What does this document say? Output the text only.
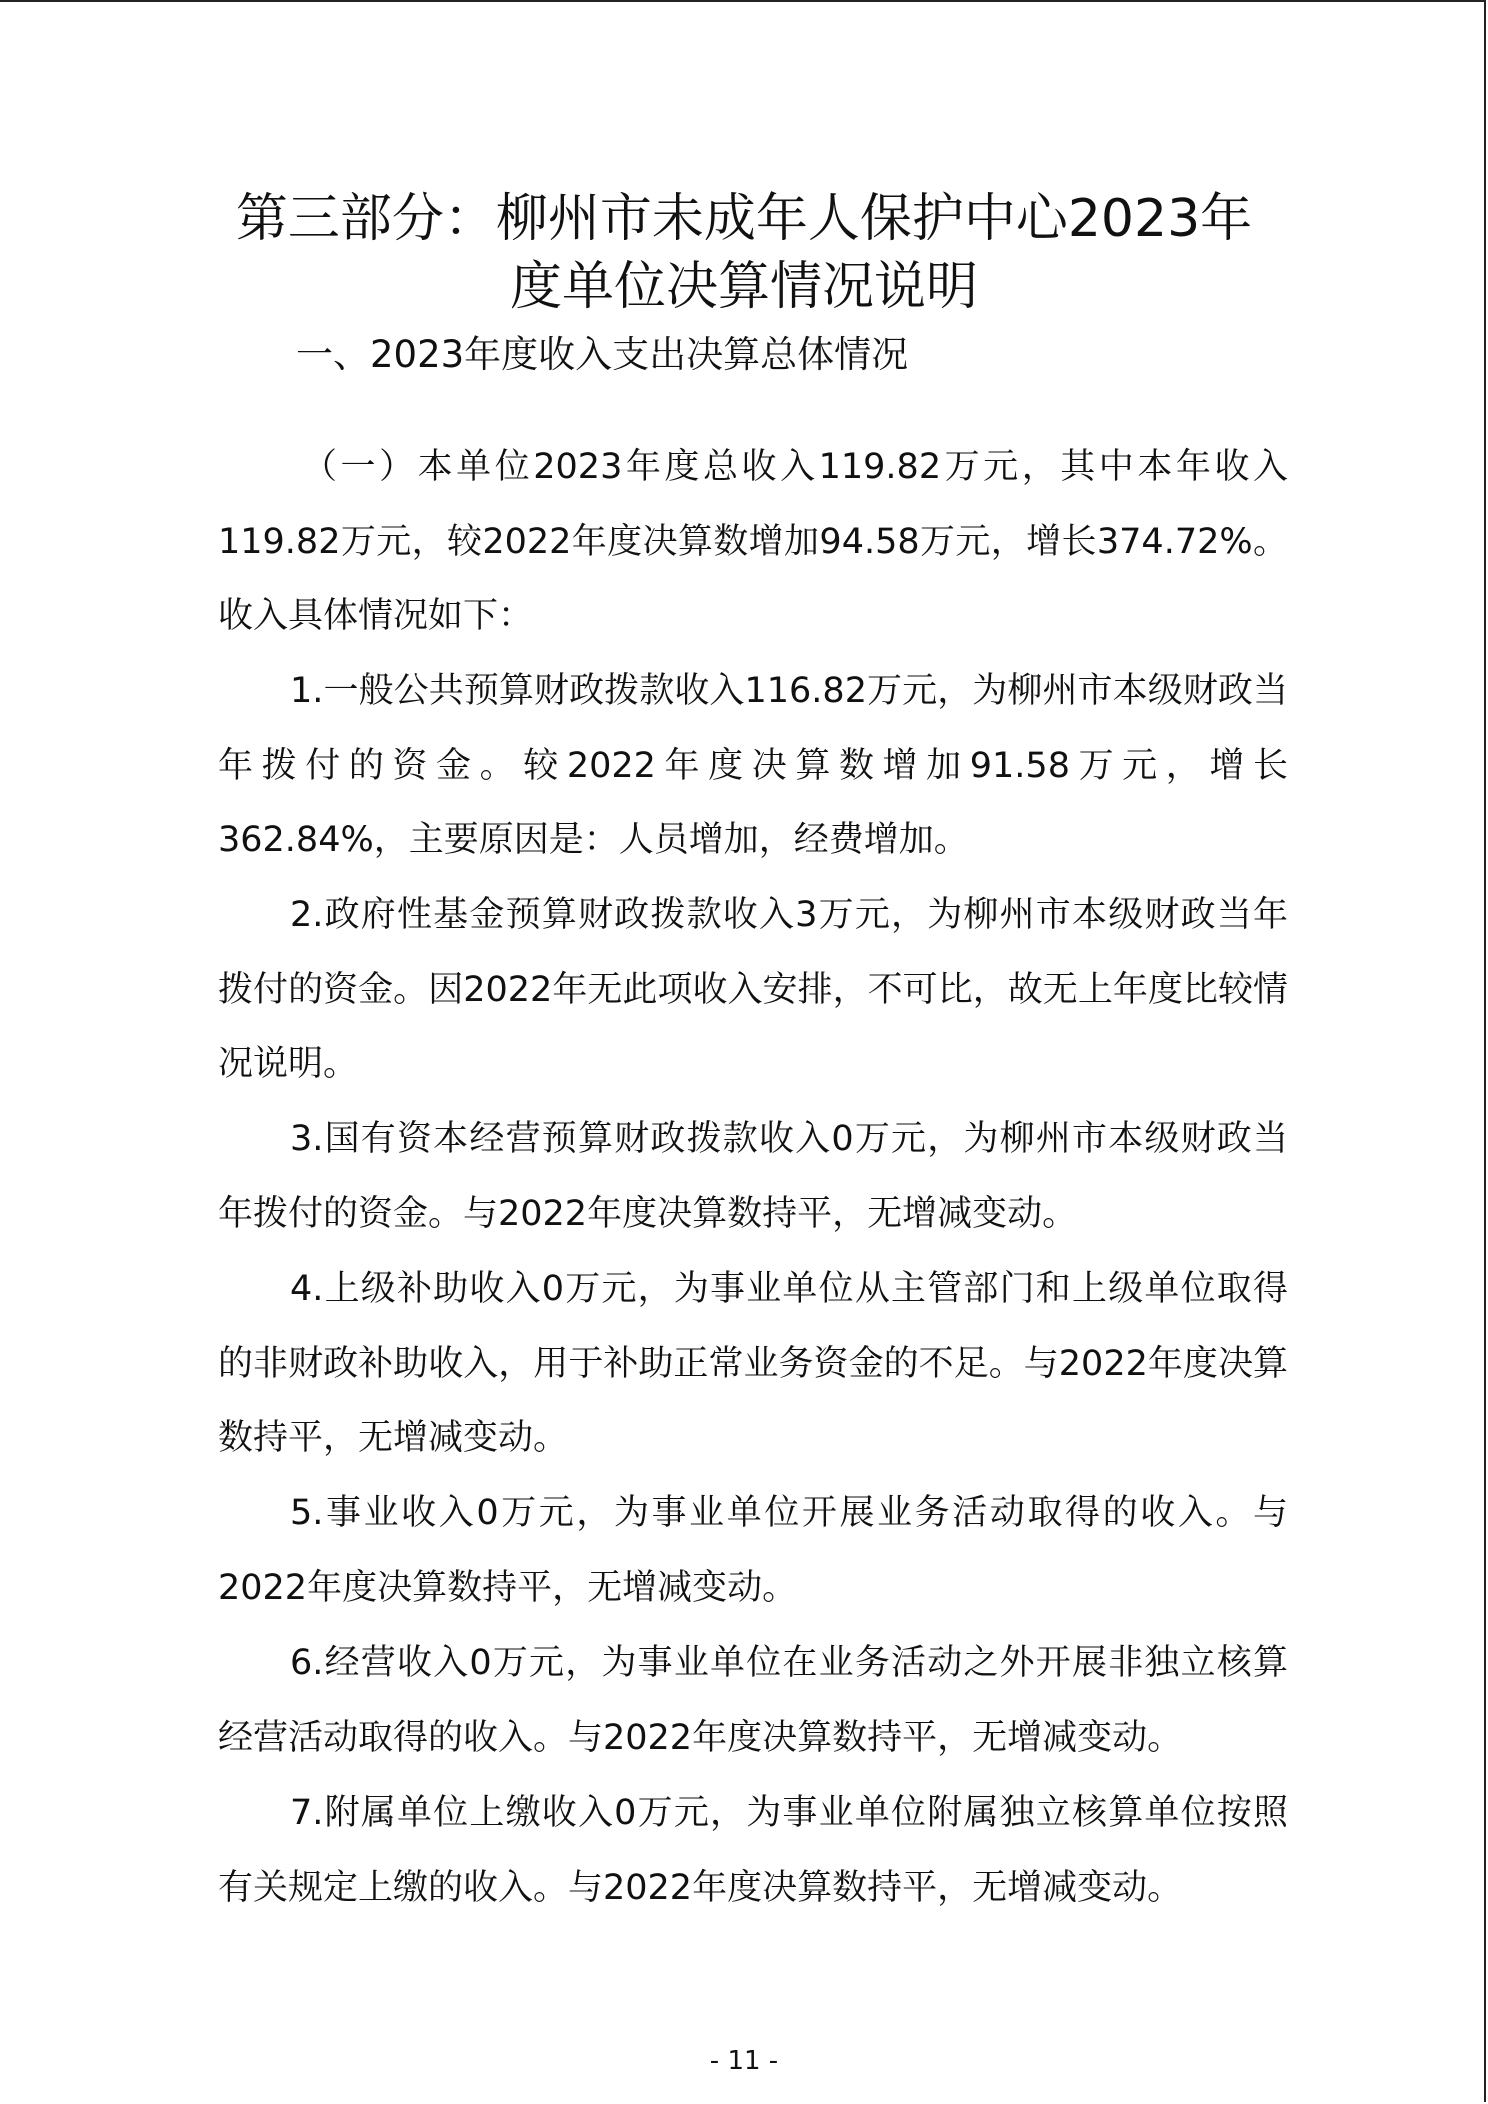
第三部分：柳州市未成年人保护中心2023年
度单位决算情况说明
一、2023年度收入支出决算总体情况

（一）本单位2023年度总收入119.82万元，其中本年收入119.82万元，较2022年度决算数增加94.58万元，增长374.72%。收入具体情况如下：

1.一般公共预算财政拨款收入116.82万元，为柳州市本级财政当年拨付的资金。较2022年度决算数增加91.58万元，增长362.84%，主要原因是：人员增加，经费增加。

2.政府性基金预算财政拨款收入3万元，为柳州市本级财政当年拨付的资金。因2022年无此项收入安排，不可比，故无上年度比较情况说明。

3.国有资本经营预算财政拨款收入0万元，为柳州市本级财政当年拨付的资金。与2022年度决算数持平，无增减变动。

4.上级补助收入0万元，为事业单位从主管部门和上级单位取得的非财政补助收入，用于补助正常业务资金的不足。与2022年度决算数持平，无增减变动。

5.事业收入0万元，为事业单位开展业务活动取得的收入。与2022年度决算数持平，无增减变动。

6.经营收入0万元，为事业单位在业务活动之外开展非独立核算经营活动取得的收入。与2022年度决算数持平，无增减变动。

7.附属单位上缴收入0万元，为事业单位附属独立核算单位按照有关规定上缴的收入。与2022年度决算数持平，无增减变动。

- 11 -
